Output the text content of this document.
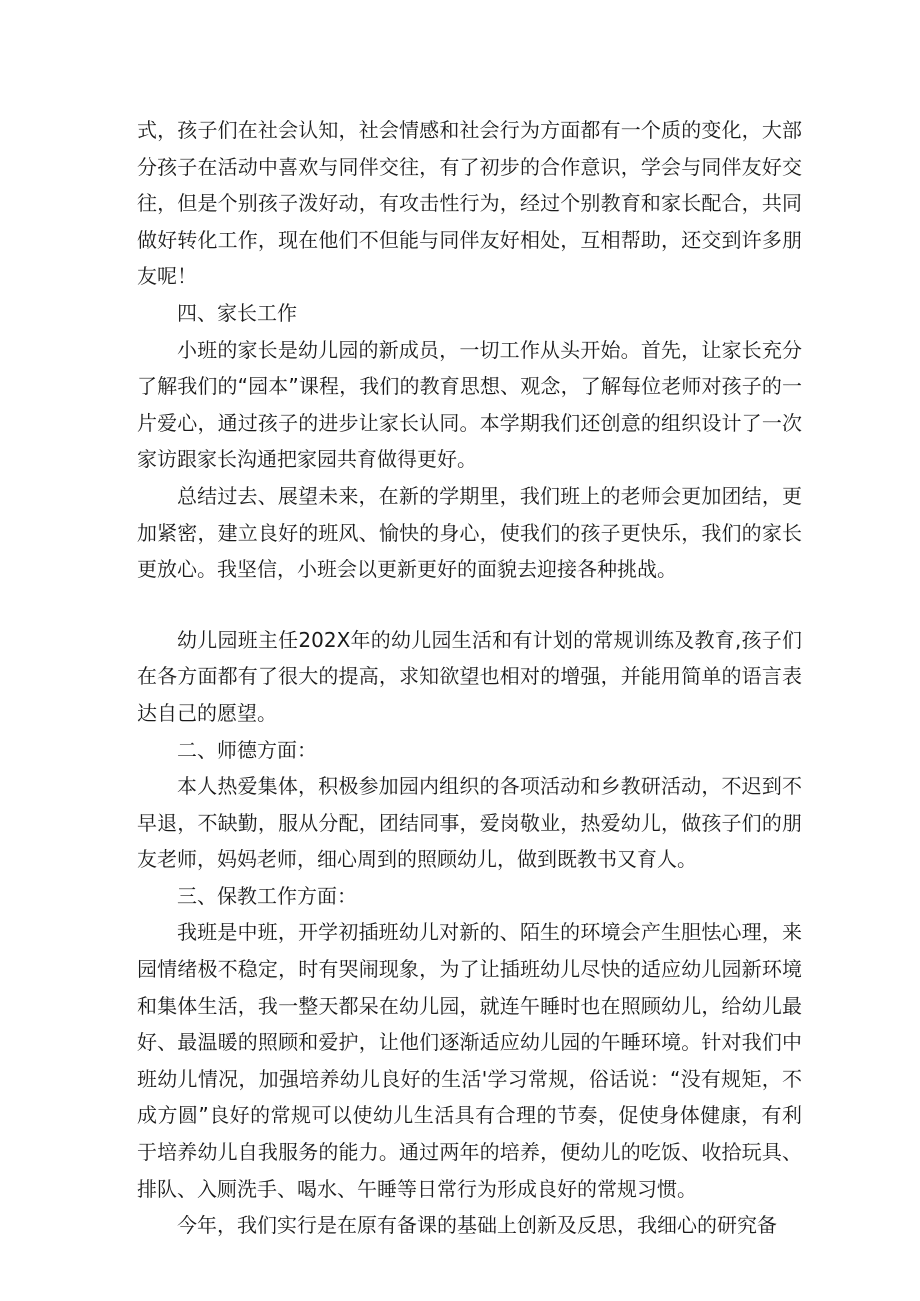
式，孩子们在社会认知，社会情感和社会行为方面都有一个质的变化，大部分孩子在活动中喜欢与同伴交往，有了初步的合作意识，学会与同伴友好交往，但是个别孩子泼好动，有攻击性行为，经过个别教育和家长配合，共同做好转化工作，现在他们不但能与同伴友好相处，互相帮助，还交到许多朋友呢！

四、家长工作

小班的家长是幼儿园的新成员，一切工作从头开始。首先，让家长充分了解我们的“园本”课程，我们的教育思想、观念，了解每位老师对孩子的一片爱心，通过孩子的进步让家长认同。本学期我们还创意的组织设计了一次家访跟家长沟通把家园共育做得更好。

总结过去、展望未来，在新的学期里，我们班上的老师会更加团结，更加紧密，建立良好的班风、愉快的身心，使我们的孩子更快乐，我们的家长更放心。我坚信，小班会以更新更好的面貌去迎接各种挑战。

幼儿园班主任202X年的幼儿园生活和有计划的常规训练及教育,孩子们在各方面都有了很大的提高，求知欲望也相对的增强，并能用简单的语言表达自己的愿望。

二、师德方面：

本人热爱集体，积极参加园内组织的各项活动和乡教研活动，不迟到不早退，不缺勤，服从分配，团结同事，爱岗敬业，热爱幼儿，做孩子们的朋友老师，妈妈老师，细心周到的照顾幼儿，做到既教书又育人。

三、保教工作方面：

我班是中班，开学初插班幼儿对新的、陌生的环境会产生胆怯心理，来园情绪极不稳定，时有哭闹现象，为了让插班幼儿尽快的适应幼儿园新环境和集体生活，我一整天都呆在幼儿园，就连午睡时也在照顾幼儿，给幼儿最好、最温暖的照顾和爱护，让他们逐渐适应幼儿园的午睡环境。针对我们中班幼儿情况，加强培养幼儿良好的生活'学习常规，俗话说：“没有规矩，不成方圆”良好的常规可以使幼儿生活具有合理的节奏，促使身体健康，有利于培养幼儿自我服务的能力。通过两年的培养，便幼儿的吃饭、收拾玩具、排队、入厕洗手、喝水、午睡等日常行为形成良好的常规习惯。

今年，我们实行是在原有备课的基础上创新及反思，我细心的研究备
